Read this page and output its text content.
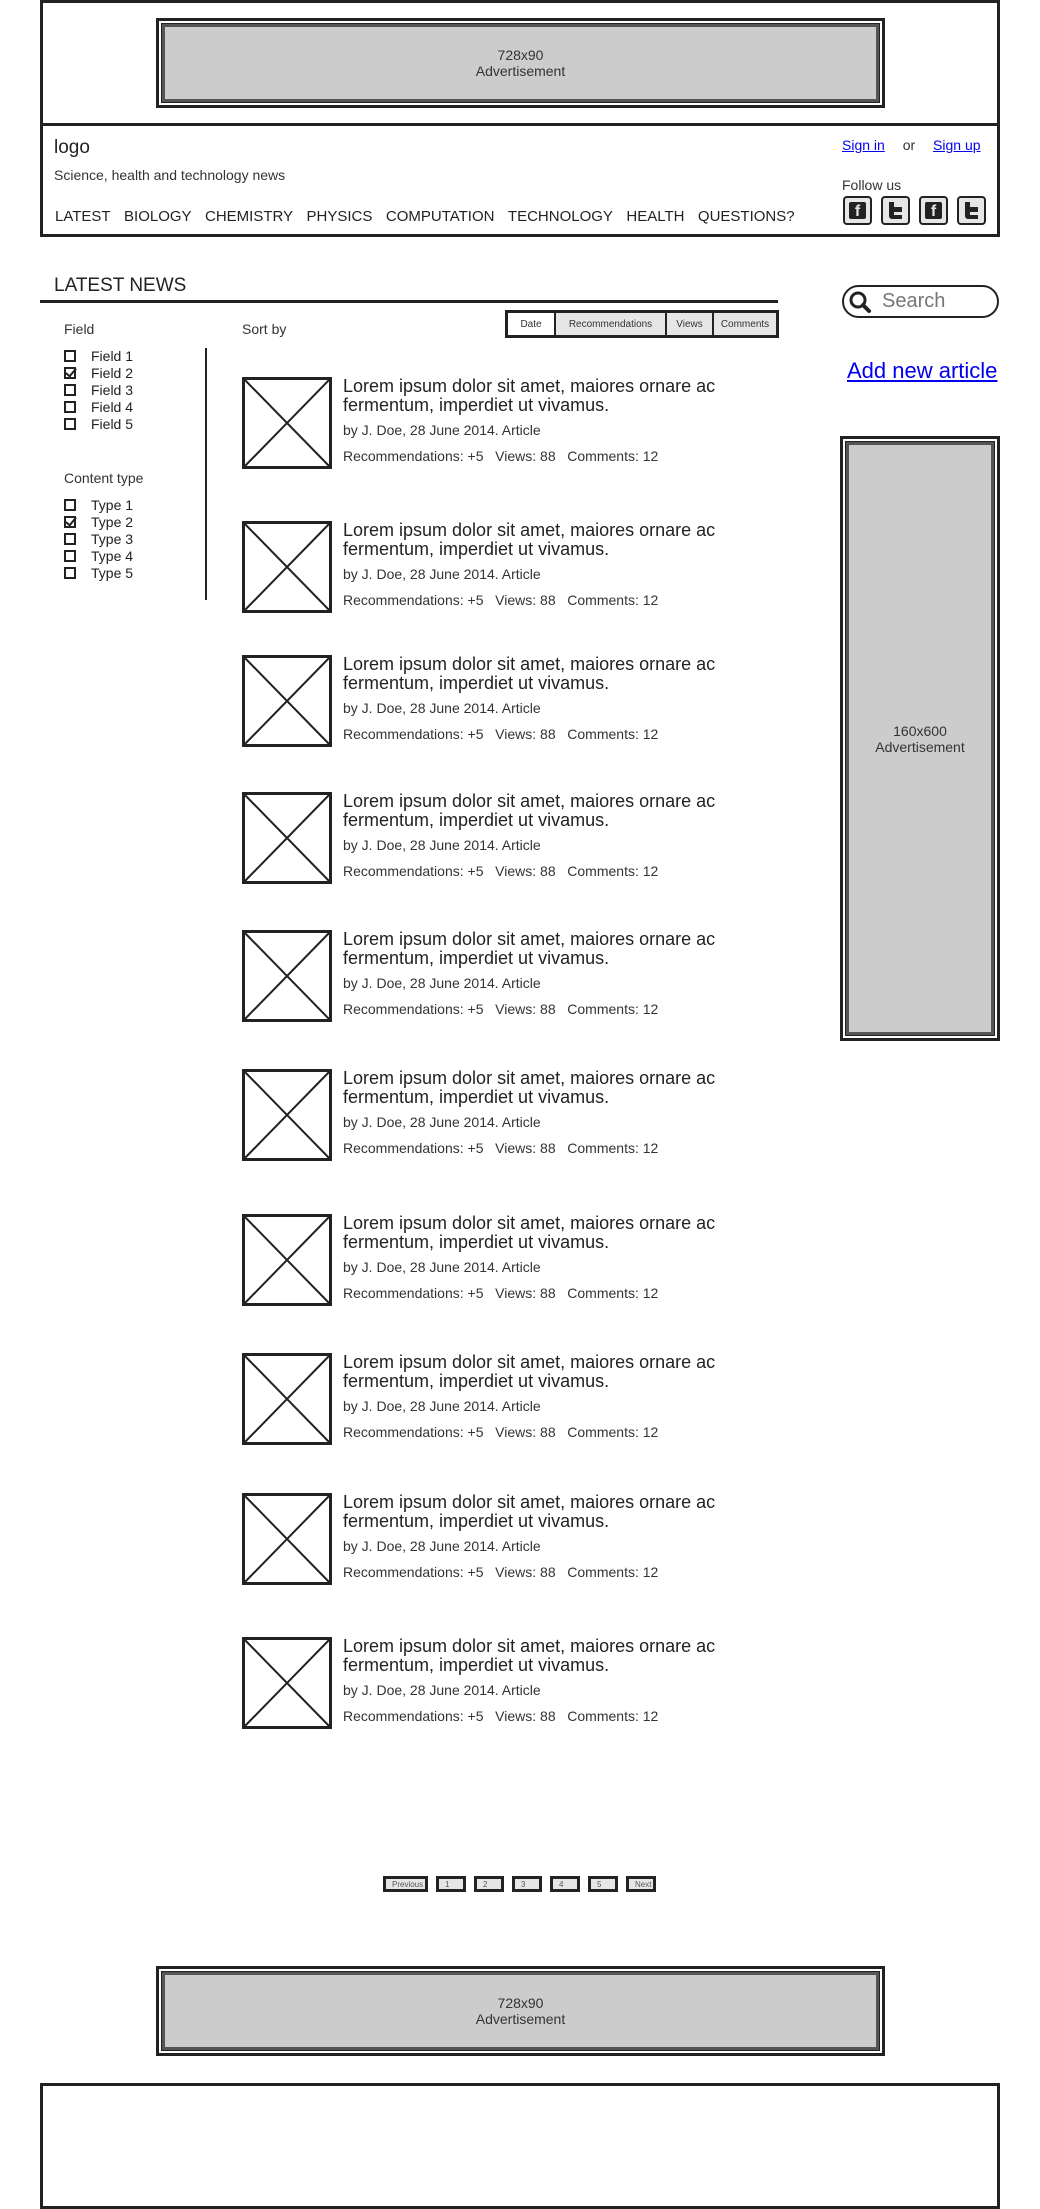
728x90
Advertisement
logo
Science, health and technology news
LATEST BIOLOGY CHEMISTRY PHYSICS COMPUTATION TECHNOLOGY HEALTH QUESTIONS?
Sign in or Sign up
Follow us
f	f
LATEST NEWS
Field
Field 1
Field 2
Field 3
Field 4
Field 5
Content type
Type 1
Type 2
Type 3
Type 4
Type 5
Sort by	Date	Recommendations	Views	Comments
Lorem ipsum dolor sit amet, maiores ornare ac fermentum, imperdiet ut vivamus.
by J. Doe, 28 June 2014. Article
Recommendations: +5 Views: 88 Comments: 12
Lorem ipsum dolor sit amet, maiores ornare ac fermentum, imperdiet ut vivamus.
by J. Doe, 28 June 2014. Article
Recommendations: +5 Views: 88 Comments: 12
Lorem ipsum dolor sit amet, maiores ornare ac fermentum, imperdiet ut vivamus.
by J. Doe, 28 June 2014. Article
Recommendations: +5 Views: 88 Comments: 12
Lorem ipsum dolor sit amet, maiores ornare ac fermentum, imperdiet ut vivamus.
by J. Doe, 28 June 2014. Article
Recommendations: +5 Views: 88 Comments: 12
Lorem ipsum dolor sit amet, maiores ornare ac fermentum, imperdiet ut vivamus.
by J. Doe, 28 June 2014. Article
Recommendations: +5 Views: 88 Comments: 12
Lorem ipsum dolor sit amet, maiores ornare ac fermentum, imperdiet ut vivamus.
by J. Doe, 28 June 2014. Article
Recommendations: +5 Views: 88 Comments: 12
Lorem ipsum dolor sit amet, maiores ornare ac fermentum, imperdiet ut vivamus.
by J. Doe, 28 June 2014. Article
Recommendations: +5 Views: 88 Comments: 12
Lorem ipsum dolor sit amet, maiores ornare ac fermentum, imperdiet ut vivamus.
by J. Doe, 28 June 2014. Article
Recommendations: +5 Views: 88 Comments: 12
Lorem ipsum dolor sit amet, maiores ornare ac fermentum, imperdiet ut vivamus.
by J. Doe, 28 June 2014. Article
Recommendations: +5 Views: 88 Comments: 12
Lorem ipsum dolor sit amet, maiores ornare ac fermentum, imperdiet ut vivamus.
by J. Doe, 28 June 2014. Article
Recommendations: +5 Views: 88 Comments: 12
Previous	1	2	3	4	5	Next
Search
Add new article
160x600
Advertisement
728x90
Advertisement
